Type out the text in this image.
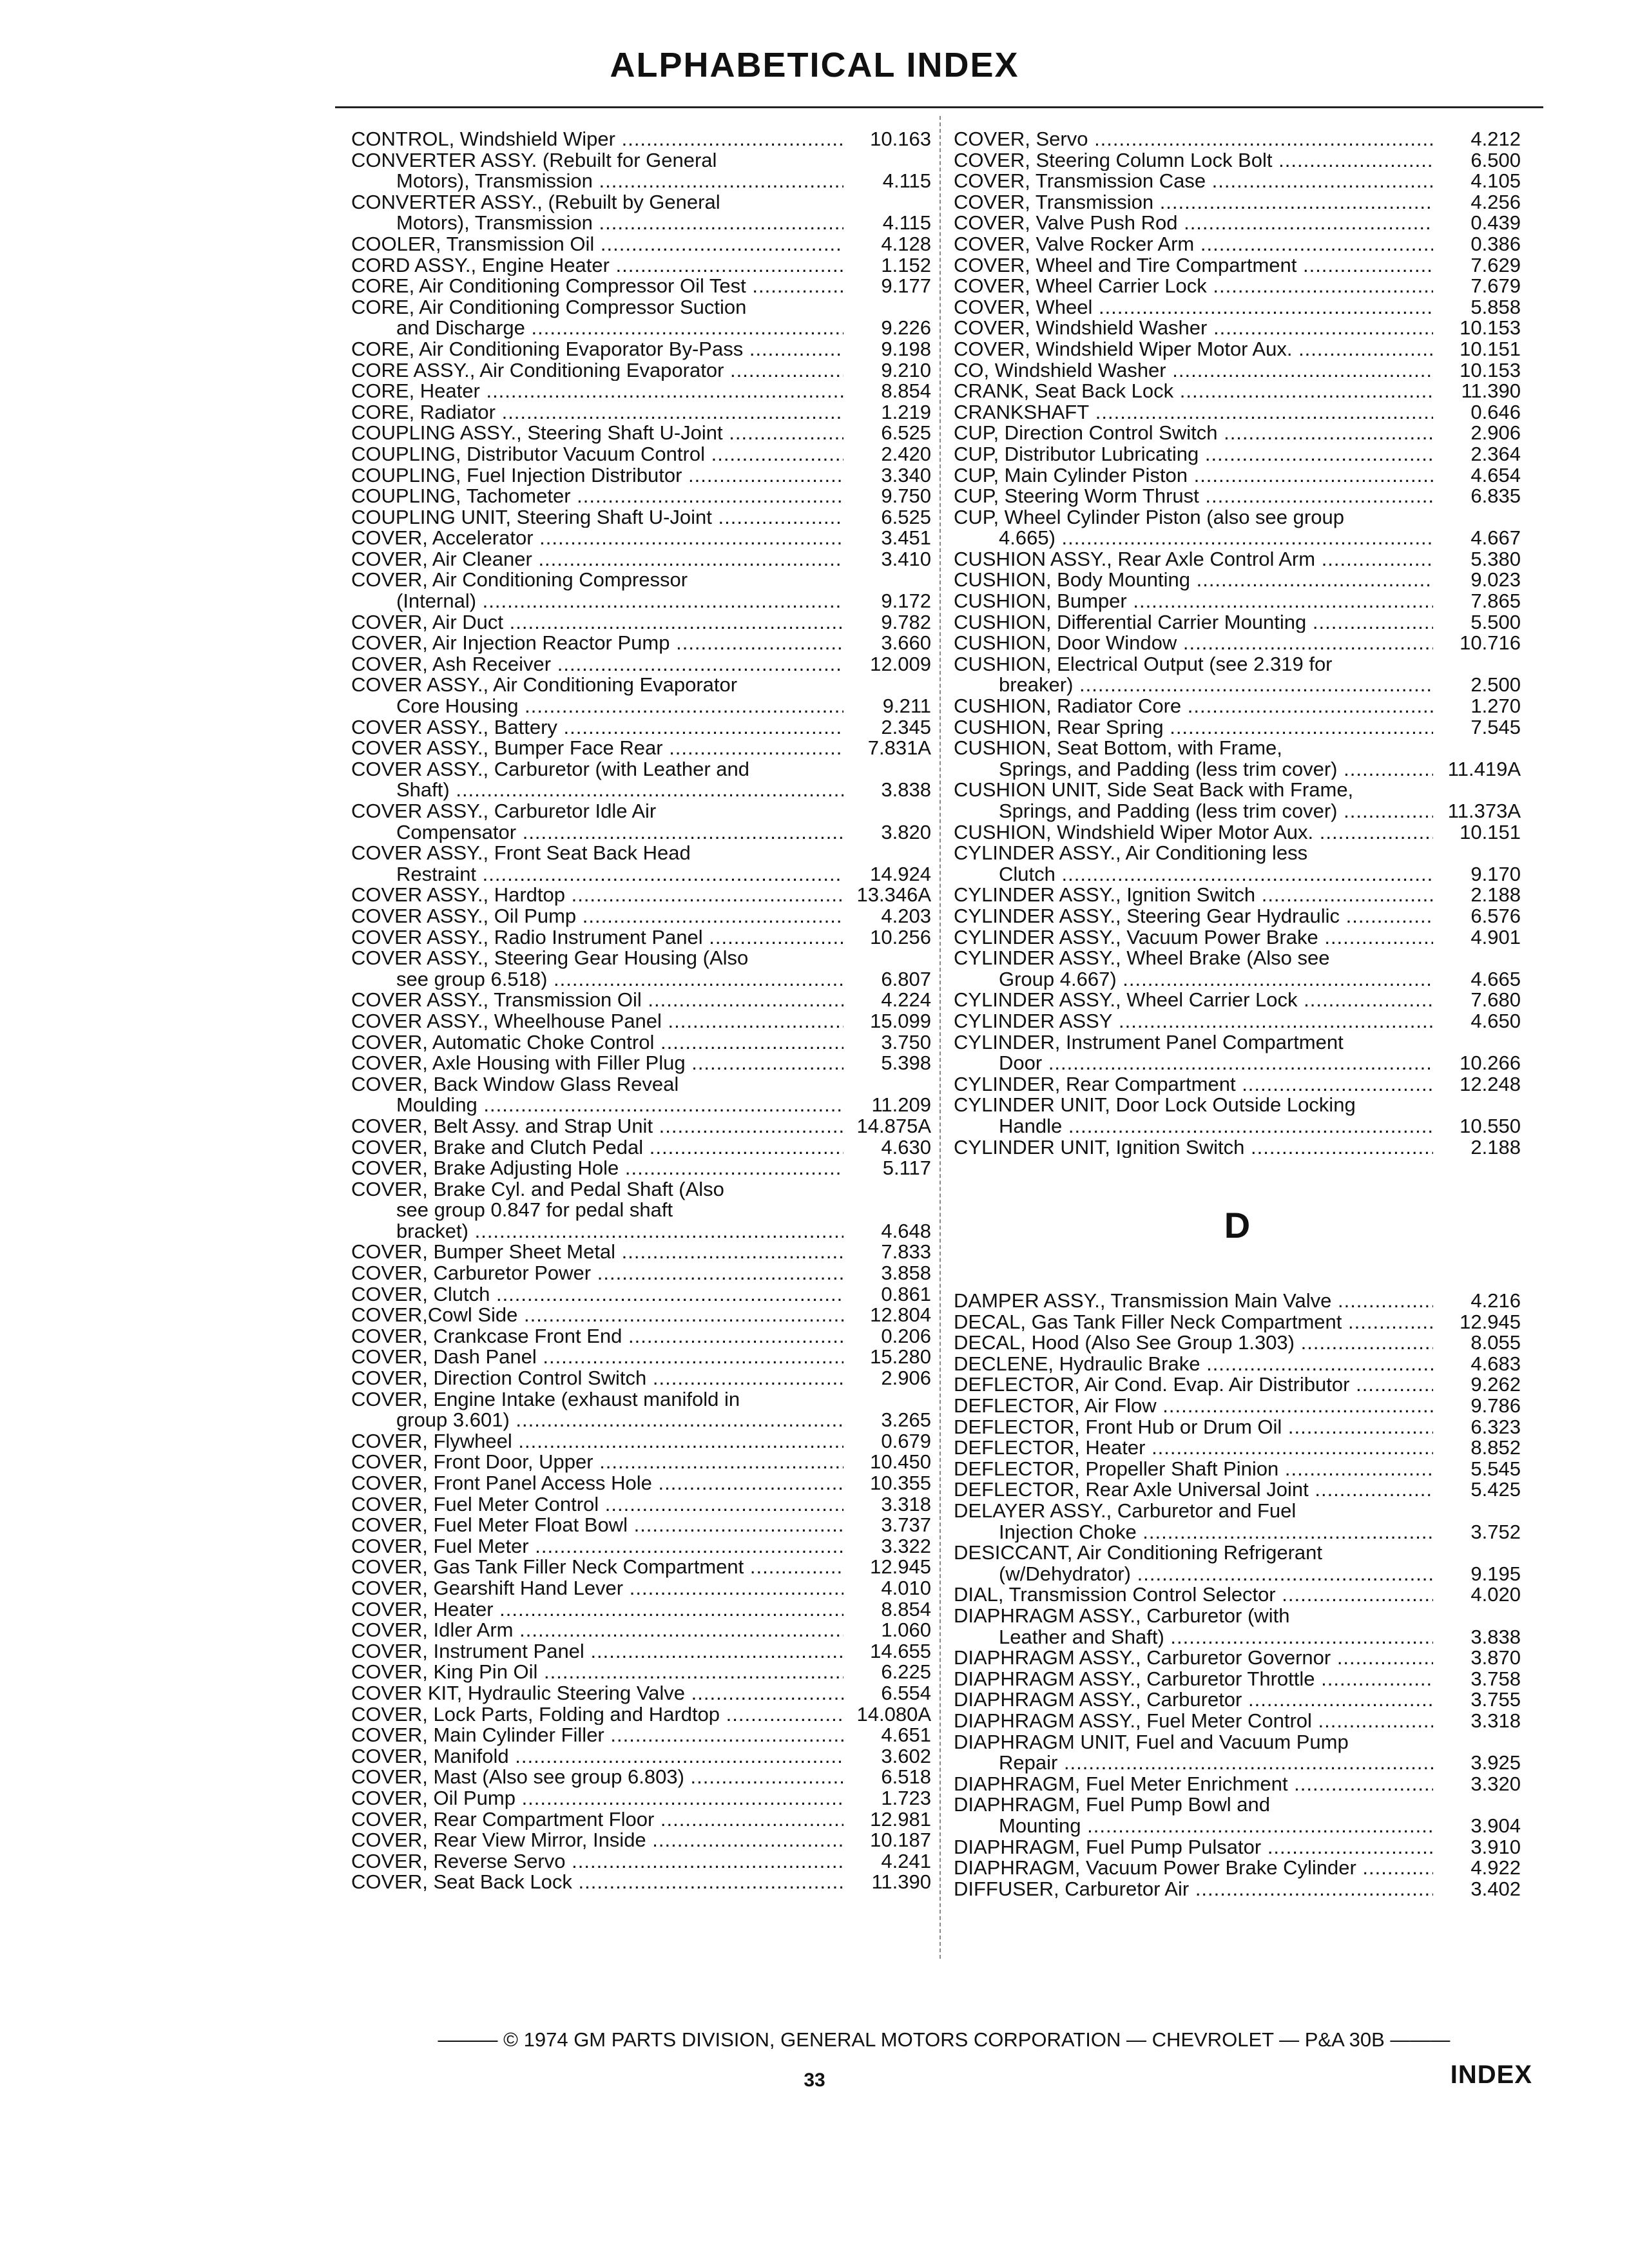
ALPHABETICAL INDEX
CONTROL, Windshield Wiper .....	10.163
CONVERTER ASSY. (Rebuilt for General
Motors), Transmission .....	4.115
CONVERTER ASSY., (Rebuilt by General
Motors), Transmission .....	4.115
COOLER, Transmission Oil .....	4.128
CORD ASSY., Engine Heater .....	1.152
CORE, Air Conditioning Compressor Oil Test .....	9.177
CORE, Air Conditioning Compressor Suction
and Discharge .....	9.226
CORE, Air Conditioning Evaporator By-Pass .....	9.198
CORE ASSY., Air Conditioning Evaporator .....	9.210
CORE, Heater .....	8.854
CORE, Radiator .....	1.219
COUPLING ASSY., Steering Shaft U-Joint .....	6.525
COUPLING, Distributor Vacuum Control .....	2.420
COUPLING, Fuel Injection Distributor .....	3.340
COUPLING, Tachometer .....	9.750
COUPLING UNIT, Steering Shaft U-Joint .....	6.525
COVER, Accelerator .....	3.451
COVER, Air Cleaner .....	3.410
COVER, Air Conditioning Compressor
(Internal) .....	9.172
COVER, Air Duct .....	9.782
COVER, Air Injection Reactor Pump .....	3.660
COVER, Ash Receiver .....	12.009
COVER ASSY., Air Conditioning Evaporator
Core Housing .....	9.211
COVER ASSY., Battery .....	2.345
COVER ASSY., Bumper Face Rear .....	7.831A
COVER ASSY., Carburetor (with Leather and
Shaft) .....	3.838
COVER ASSY., Carburetor Idle Air
Compensator .....	3.820
COVER ASSY., Front Seat Back Head
Restraint .....	14.924
COVER ASSY., Hardtop .....	13.346A
COVER ASSY., Oil Pump .....	4.203
COVER ASSY., Radio Instrument Panel .....	10.256
COVER ASSY., Steering Gear Housing (Also
see group 6.518) .....	6.807
COVER ASSY., Transmission Oil .....	4.224
COVER ASSY., Wheelhouse Panel .....	15.099
COVER, Automatic Choke Control .....	3.750
COVER, Axle Housing with Filler Plug .....	5.398
COVER, Back Window Glass Reveal
Moulding .....	11.209
COVER, Belt Assy. and Strap Unit .....	14.875A
COVER, Brake and Clutch Pedal .....	4.630
COVER, Brake Adjusting Hole .....	5.117
COVER, Brake Cyl. and Pedal Shaft (Also
see group 0.847 for pedal shaft
bracket) .....	4.648
COVER, Bumper Sheet Metal .....	7.833
COVER, Carburetor Power .....	3.858
COVER, Clutch .....	0.861
COVER,Cowl Side .....	12.804
COVER, Crankcase Front End .....	0.206
COVER, Dash Panel .....	15.280
COVER, Direction Control Switch .....	2.906
COVER, Engine Intake (exhaust manifold in
group 3.601) .....	3.265
COVER, Flywheel .....	0.679
COVER, Front Door, Upper .....	10.450
COVER, Front Panel Access Hole .....	10.355
COVER, Fuel Meter Control .....	3.318
COVER, Fuel Meter Float Bowl .....	3.737
COVER, Fuel Meter .....	3.322
COVER, Gas Tank Filler Neck Compartment .....	12.945
COVER, Gearshift Hand Lever .....	4.010
COVER, Heater .....	8.854
COVER, Idler Arm .....	1.060
COVER, Instrument Panel .....	14.655
COVER, King Pin Oil .....	6.225
COVER KIT, Hydraulic Steering Valve .....	6.554
COVER, Lock Parts, Folding and Hardtop .....	14.080A
COVER, Main Cylinder Filler .....	4.651
COVER, Manifold .....	3.602
COVER, Mast (Also see group 6.803) .....	6.518
COVER, Oil Pump .....	1.723
COVER, Rear Compartment Floor .....	12.981
COVER, Rear View Mirror, Inside .....	10.187
COVER, Reverse Servo .....	4.241
COVER, Seat Back Lock .....	11.390
COVER, Servo .....	4.212
COVER, Steering Column Lock Bolt .....	6.500
COVER, Transmission Case .....	4.105
COVER, Transmission .....	4.256
COVER, Valve Push Rod .....	0.439
COVER, Valve Rocker Arm .....	0.386
COVER, Wheel and Tire Compartment .....	7.629
COVER, Wheel Carrier Lock .....	7.679
COVER, Wheel .....	5.858
COVER, Windshield Washer .....	10.153
COVER, Windshield Wiper Motor Aux. .....	10.151
CO, Windshield Washer .....	10.153
CRANK, Seat Back Lock .....	11.390
CRANKSHAFT .....	0.646
CUP, Direction Control Switch .....	2.906
CUP, Distributor Lubricating .....	2.364
CUP, Main Cylinder Piston .....	4.654
CUP, Steering Worm Thrust .....	6.835
CUP, Wheel Cylinder Piston (also see group
4.665) .....	4.667
CUSHION ASSY., Rear Axle Control Arm .....	5.380
CUSHION, Body Mounting .....	9.023
CUSHION, Bumper .....	7.865
CUSHION, Differential Carrier Mounting .....	5.500
CUSHION, Door Window .....	10.716
CUSHION, Electrical Output (see 2.319 for
breaker) .....	2.500
CUSHION, Radiator Core .....	1.270
CUSHION, Rear Spring .....	7.545
CUSHION, Seat Bottom, with Frame,
Springs, and Padding (less trim cover) .....	11.419A
CUSHION UNIT, Side Seat Back with Frame,
Springs, and Padding (less trim cover) .....	11.373A
CUSHION, Windshield Wiper Motor Aux. .....	10.151
CYLINDER ASSY., Air Conditioning less
Clutch .....	9.170
CYLINDER ASSY., Ignition Switch .....	2.188
CYLINDER ASSY., Steering Gear Hydraulic .....	6.576
CYLINDER ASSY., Vacuum Power Brake .....	4.901
CYLINDER ASSY., Wheel Brake (Also see
Group 4.667) .....	4.665
CYLINDER ASSY., Wheel Carrier Lock .....	7.680
CYLINDER ASSY .....	4.650
CYLINDER, Instrument Panel Compartment
Door .....	10.266
CYLINDER, Rear Compartment .....	12.248
CYLINDER UNIT, Door Lock Outside Locking
Handle .....	10.550
CYLINDER UNIT, Ignition Switch .....	2.188
D
DAMPER ASSY., Transmission Main Valve .....	4.216
DECAL, Gas Tank Filler Neck Compartment .....	12.945
DECAL, Hood (Also See Group 1.303) .....	8.055
DECLENE, Hydraulic Brake .....	4.683
DEFLECTOR, Air Cond. Evap. Air Distributor .....	9.262
DEFLECTOR, Air Flow .....	9.786
DEFLECTOR, Front Hub or Drum Oil .....	6.323
DEFLECTOR, Heater .....	8.852
DEFLECTOR, Propeller Shaft Pinion .....	5.545
DEFLECTOR, Rear Axle Universal Joint .....	5.425
DELAYER ASSY., Carburetor and Fuel
Injection Choke .....	3.752
DESICCANT, Air Conditioning Refrigerant
(w/Dehydrator) .....	9.195
DIAL, Transmission Control Selector .....	4.020
DIAPHRAGM ASSY., Carburetor (with
Leather and Shaft) .....	3.838
DIAPHRAGM ASSY., Carburetor Governor .....	3.870
DIAPHRAGM ASSY., Carburetor Throttle .....	3.758
DIAPHRAGM ASSY., Carburetor .....	3.755
DIAPHRAGM ASSY., Fuel Meter Control .....	3.318
DIAPHRAGM UNIT, Fuel and Vacuum Pump
Repair .....	3.925
DIAPHRAGM, Fuel Meter Enrichment .....	3.320
DIAPHRAGM, Fuel Pump Bowl and
Mounting .....	3.904
DIAPHRAGM, Fuel Pump Pulsator .....	3.910
DIAPHRAGM, Vacuum Power Brake Cylinder .....	4.922
DIFFUSER, Carburetor Air .....	3.402
——— © 1974 GM PARTS DIVISION, GENERAL MOTORS CORPORATION — CHEVROLET — P&A 30B ———
33	INDEX
